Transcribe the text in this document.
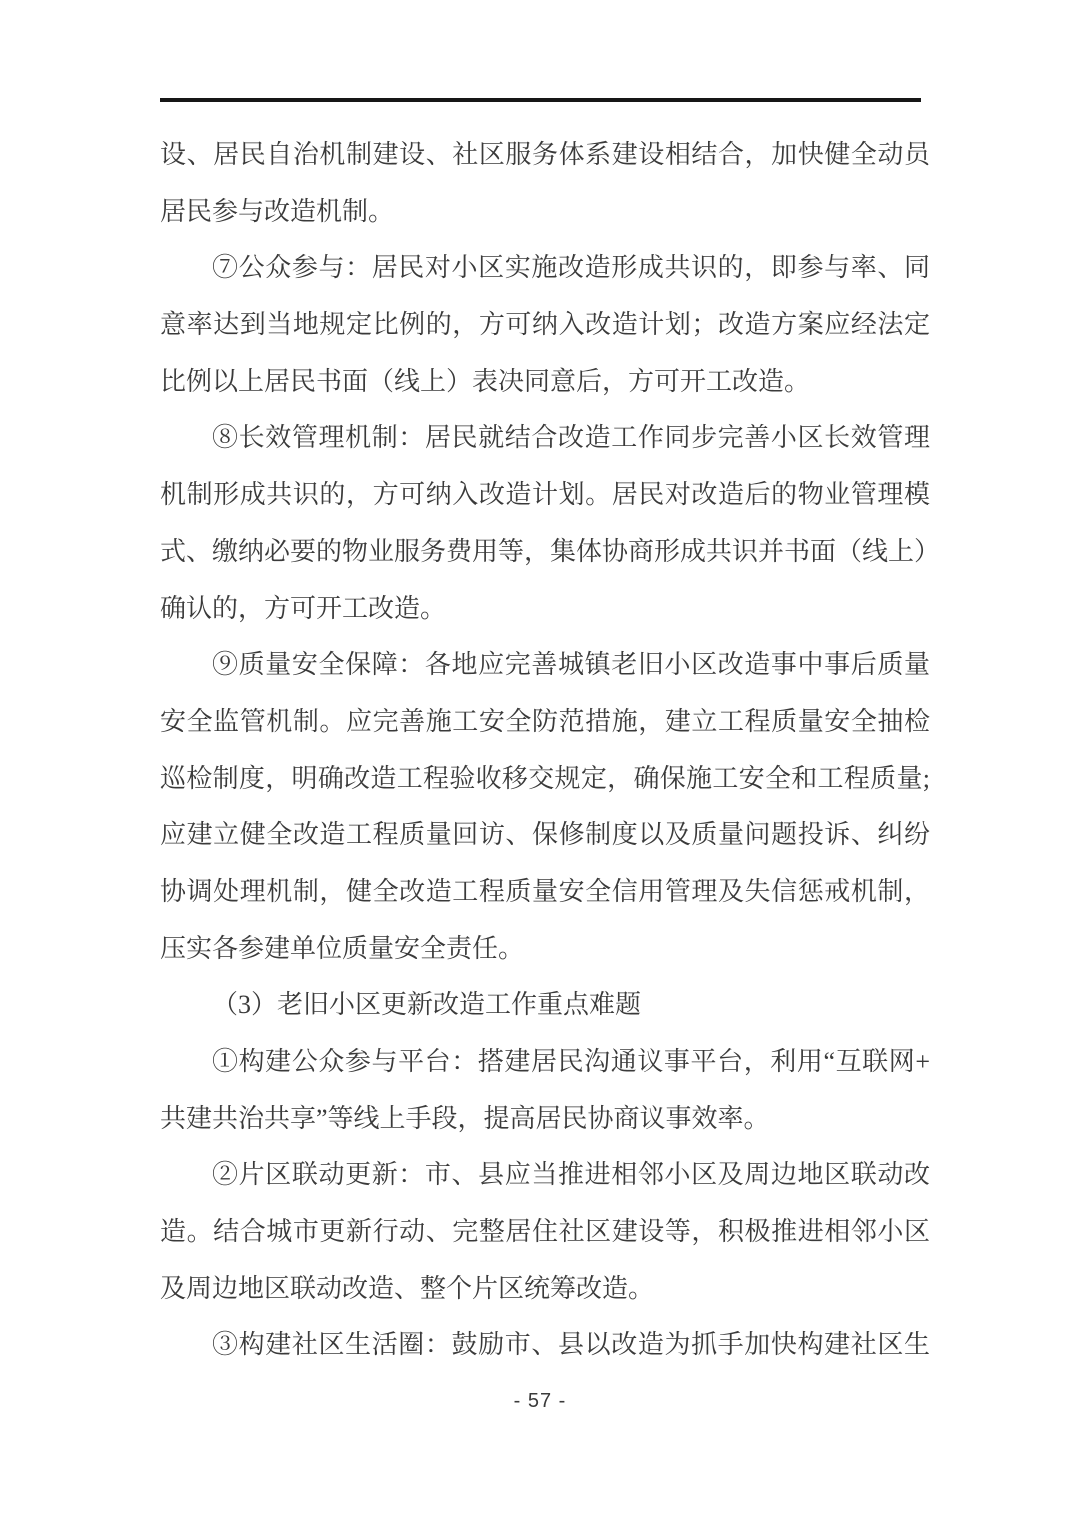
设、居民自治机制建设、社区服务体系建设相结合，加快健全动员
居民参与改造机制。
⑦公众参与：居民对小区实施改造形成共识的，即参与率、同
意率达到当地规定比例的，方可纳入改造计划；改造方案应经法定
比例以上居民书面（线上）表决同意后，方可开工改造。
⑧长效管理机制：居民就结合改造工作同步完善小区长效管理
机制形成共识的，方可纳入改造计划。居民对改造后的物业管理模
式、缴纳必要的物业服务费用等，集体协商形成共识并书面（线上）
确认的，方可开工改造。
⑨质量安全保障：各地应完善城镇老旧小区改造事中事后质量
安全监管机制。应完善施工安全防范措施，建立工程质量安全抽检
巡检制度，明确改造工程验收移交规定，确保施工安全和工程质量;
应建立健全改造工程质量回访、保修制度以及质量问题投诉、纠纷
协调处理机制，健全改造工程质量安全信用管理及失信惩戒机制，
压实各参建单位质量安全责任。
（3）老旧小区更新改造工作重点难题
①构建公众参与平台：搭建居民沟通议事平台，利用“互联网+
共建共治共享”等线上手段，提高居民协商议事效率。
②片区联动更新：市、县应当推进相邻小区及周边地区联动改
造。结合城市更新行动、完整居住社区建设等，积极推进相邻小区
及周边地区联动改造、整个片区统筹改造。
③构建社区生活圈：鼓励市、县以改造为抓手加快构建社区生
- 57 -
